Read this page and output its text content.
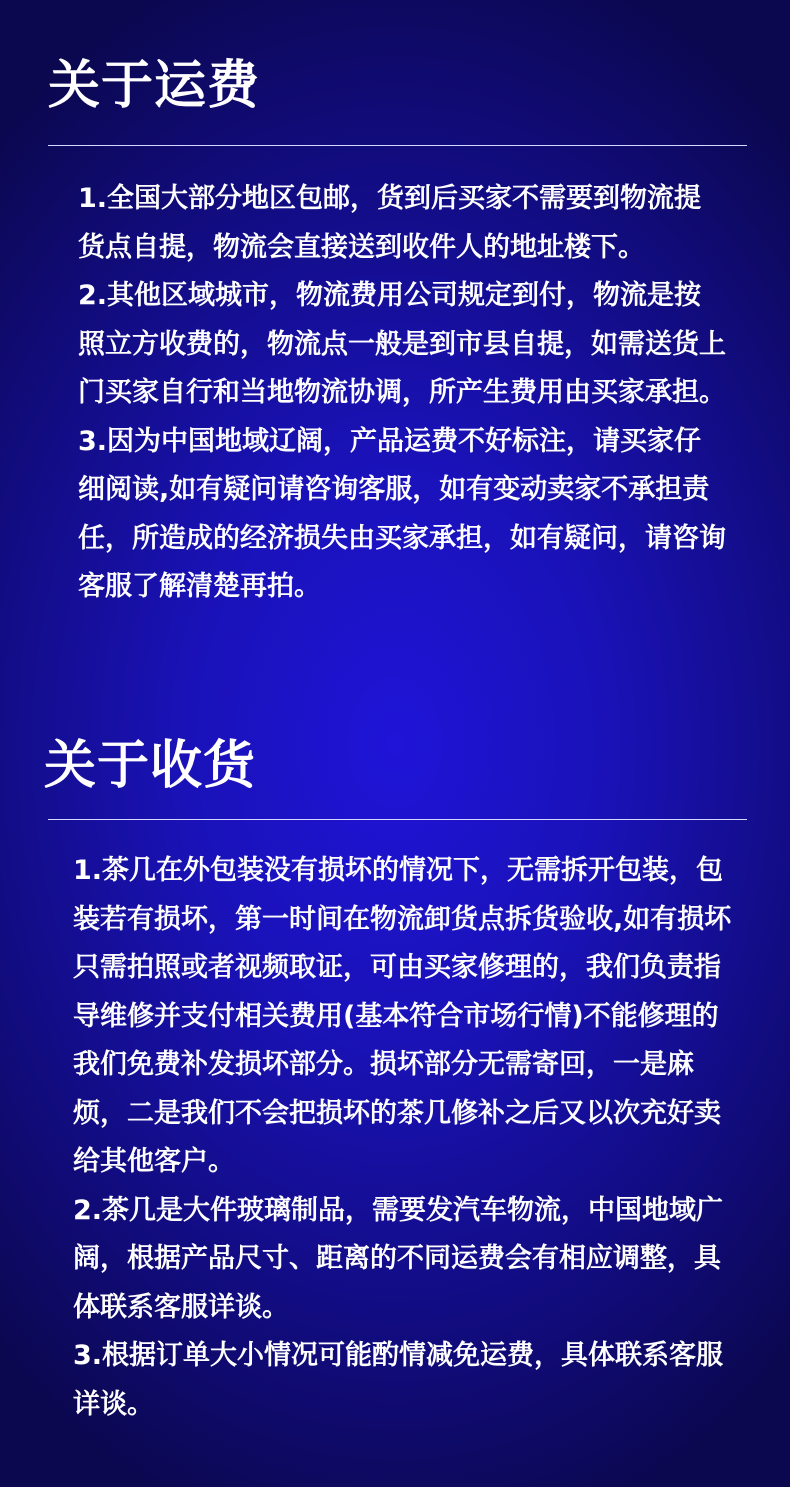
关于运费

1.全国大部分地区包邮，货到后买家不需要到物流提货点自提，物流会直接送到收件人的地址楼下。

2.其他区域城市，物流费用公司规定到付，物流是按照立方收费的，物流点一般是到市县自提，如需送货上门买家自行和当地物流协调，所产生费用由买家承担。

3.因为中国地域辽阔，产品运费不好标注，请买家仔细阅读,如有疑问请咨询客服，如有变动卖家不承担责任，所造成的经济损失由买家承担，如有疑问，请咨询客服了解清楚再拍。

关于收货

1.茶几在外包装没有损坏的情况下，无需拆开包装，包装若有损坏，第一时间在物流卸货点拆货验收,如有损坏只需拍照或者视频取证，可由买家修理的，我们负责指导维修并支付相关费用(基本符合市场行情)不能修理的我们免费补发损坏部分。损坏部分无需寄回，一是麻烦，二是我们不会把损坏的茶几修补之后又以次充好卖给其他客户。

2.茶几是大件玻璃制品，需要发汽车物流，中国地域广阔，根据产品尺寸、距离的不同运费会有相应调整，具体联系客服详谈。

3.根据订单大小情况可能酌情减免运费，具体联系客服详谈。
